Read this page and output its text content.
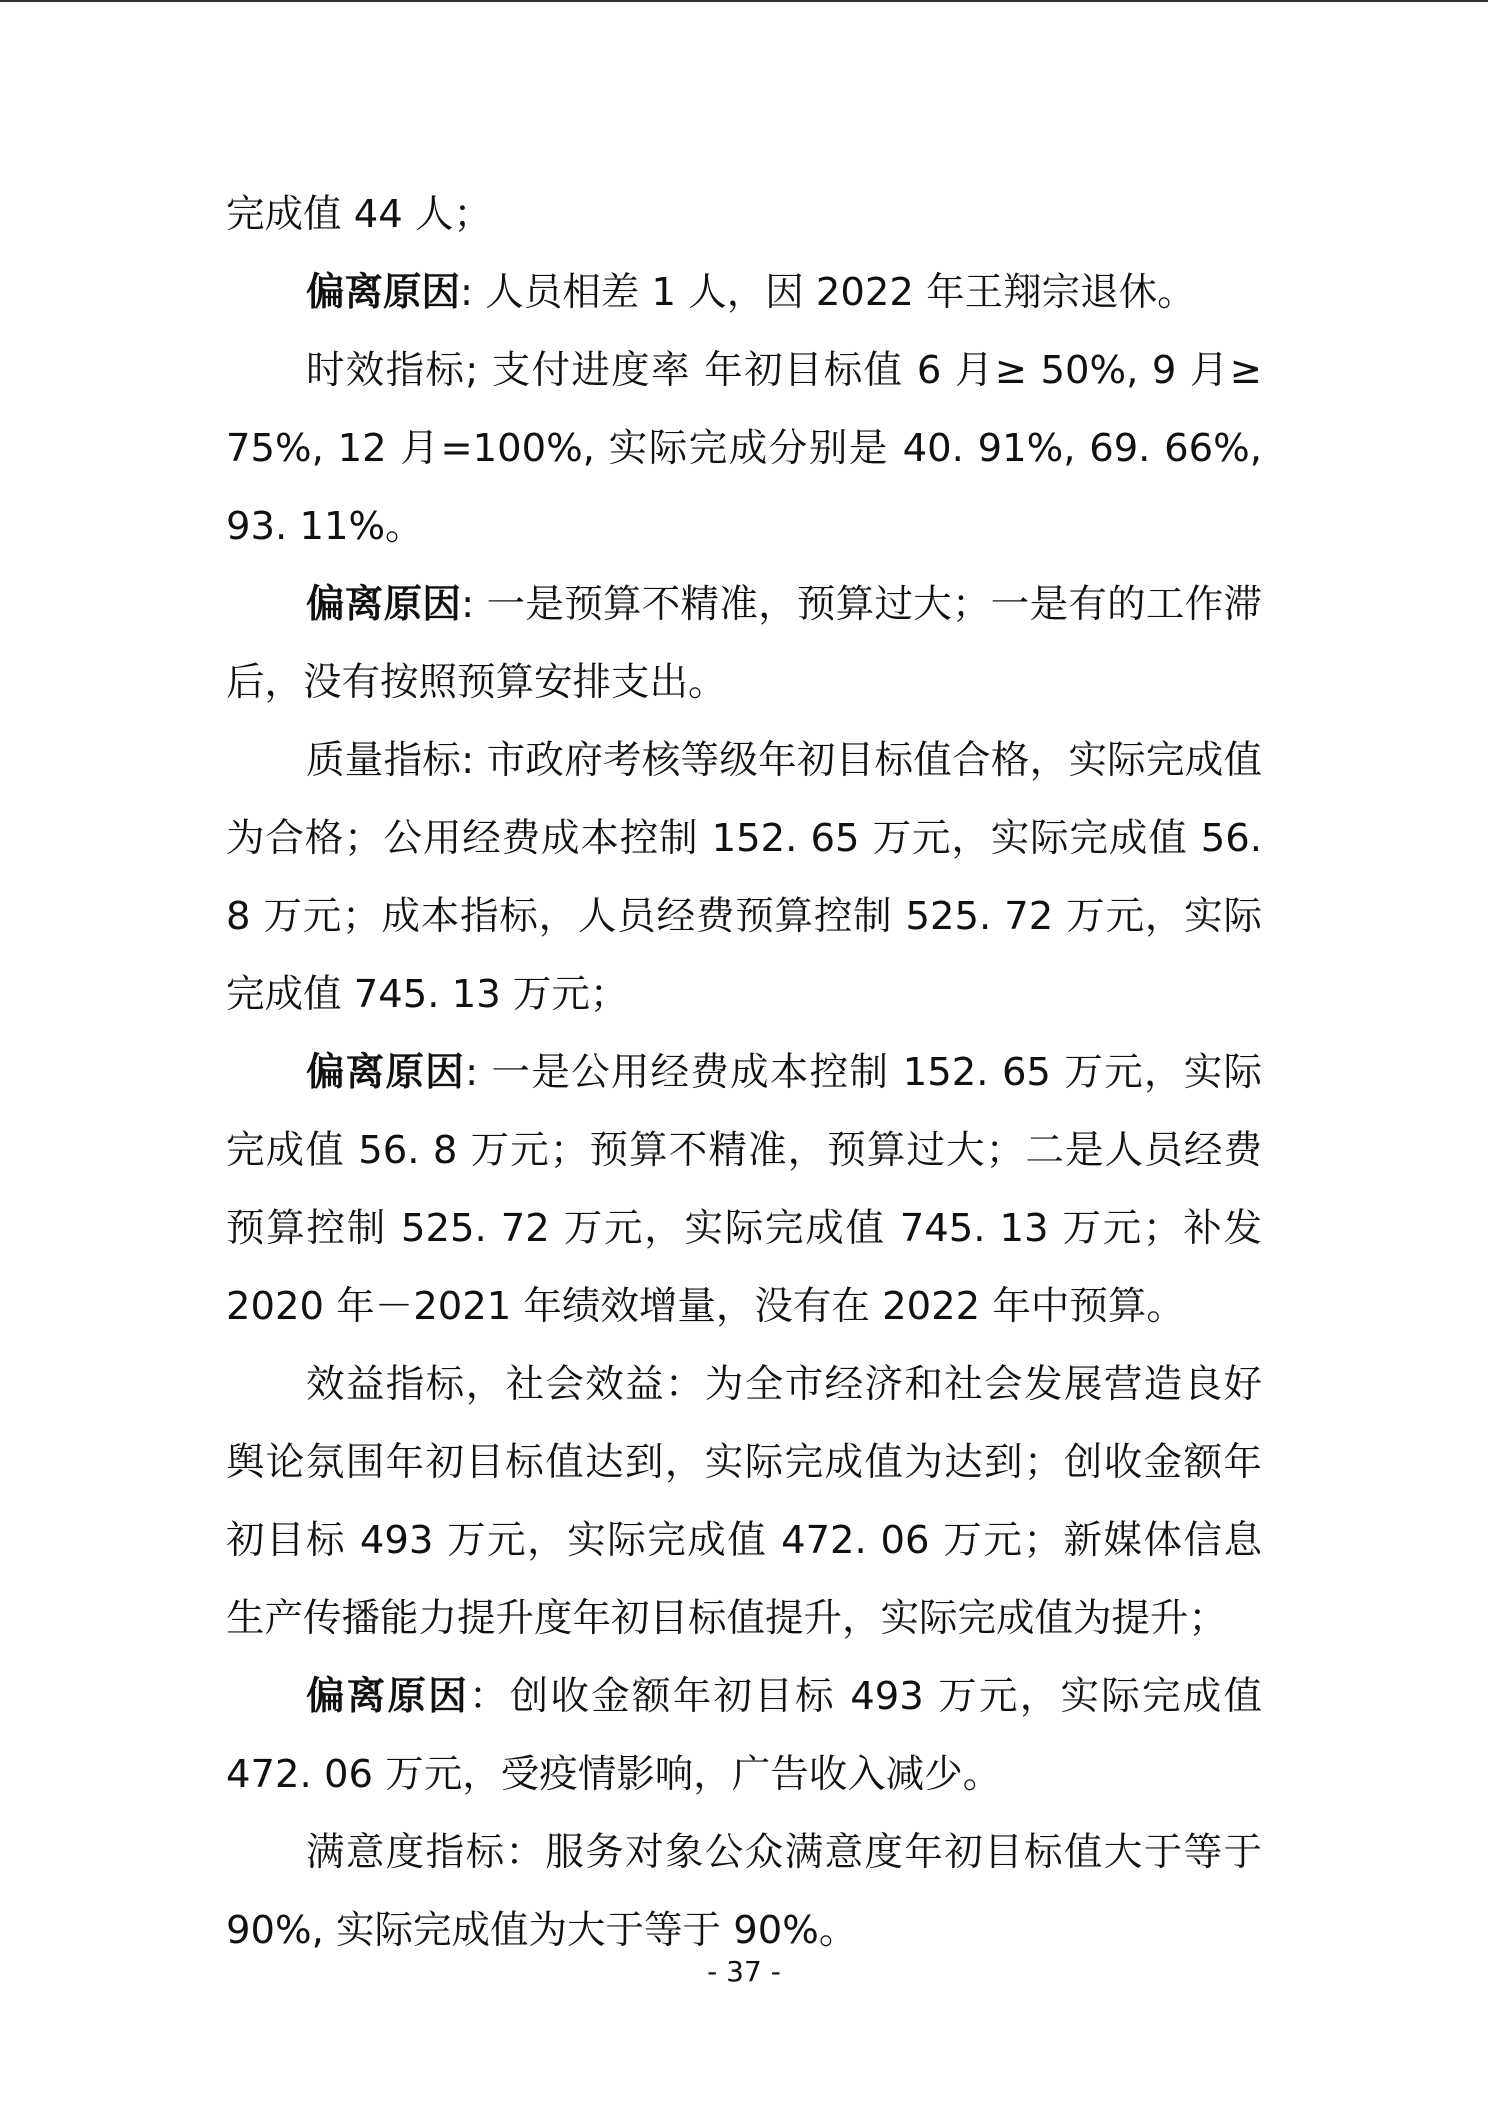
完成值 44 人；

偏离原因: 人员相差 1 人，因 2022 年王翔宗退休。

时效指标; 支付进度率 年初目标值 6 月≥ 50%, 9 月≥ 75%, 12 月=100%, 实际完成分别是 40. 91%, 69. 66%, 93. 11%。

偏离原因: 一是预算不精准，预算过大；一是有的工作滞后，没有按照预算安排支出。

质量指标: 市政府考核等级年初目标值合格，实际完成值为合格；公用经费成本控制 152. 65 万元，实际完成值 56. 8 万元；成本指标，人员经费预算控制 525. 72 万元，实际完成值 745. 13 万元；

偏离原因: 一是公用经费成本控制 152. 65 万元，实际完成值 56. 8 万元；预算不精准，预算过大；二是人员经费预算控制 525. 72 万元，实际完成值 745. 13 万元；补发 2020 年－2021 年绩效增量，没有在 2022 年中预算。

效益指标，社会效益：为全市经济和社会发展营造良好舆论氛围年初目标值达到，实际完成值为达到；创收金额年初目标 493 万元，实际完成值 472. 06 万元；新媒体信息生产传播能力提升度年初目标值提升，实际完成值为提升；

偏离原因：创收金额年初目标 493 万元，实际完成值 472. 06 万元，受疫情影响，广告收入减少。

满意度指标：服务对象公众满意度年初目标值大于等于 90%, 实际完成值为大于等于 90%。

- 37 -
